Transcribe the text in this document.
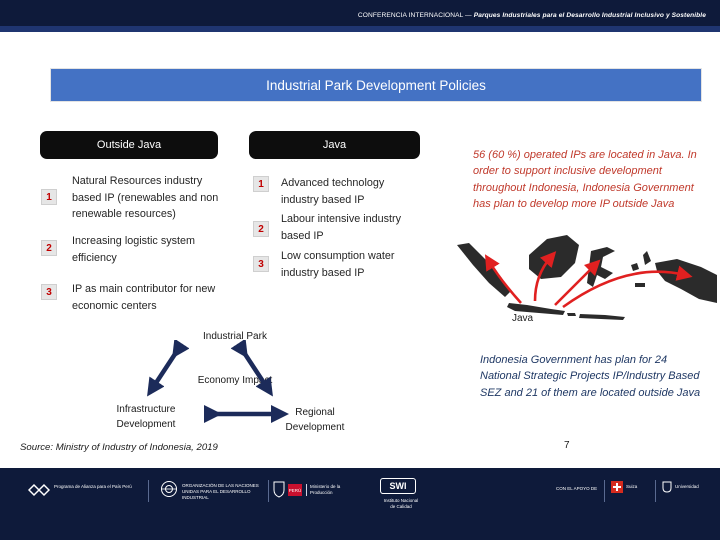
CONFERENCIA INTERNACIONAL — Parques Industriales para el Desarrollo Industrial Inclusivo y Sostenible
Industrial Park Development Policies
Outside Java
1
Natural Resources industry based IP (renewables and non renewable resources)
2
Increasing logistic system efficiency
3	IP as main contributor for new economic centers
Java
1	Advanced technology industry based IP
2
Labour intensive industry based IP
3
Low consumption water industry based IP
56 (60 %) operated IPs are located in Java. In order to support inclusive development throughout Indonesia, Indonesia Government has plan to develop more IP outside Java
Java
Indonesia Government has plan for 24 National Strategic Projects IP/Industry Based SEZ and 21 of them are located outside Java
7
Industrial Park
Economy Impact
Infrastructure Development
Regional Development
Source: Ministry of Industry of Indonesia, 2019
Programa de Alianza para el País Perú	ORGANIZACIÓN DE LAS NACIONES UNIDAS PARA EL DESARROLLO INDUSTRIAL
PERÚ
Ministerio de la Producción
SWI
Instituto Nacional de Calidad
CON EL APOYO DE	Suiza	Universidad
